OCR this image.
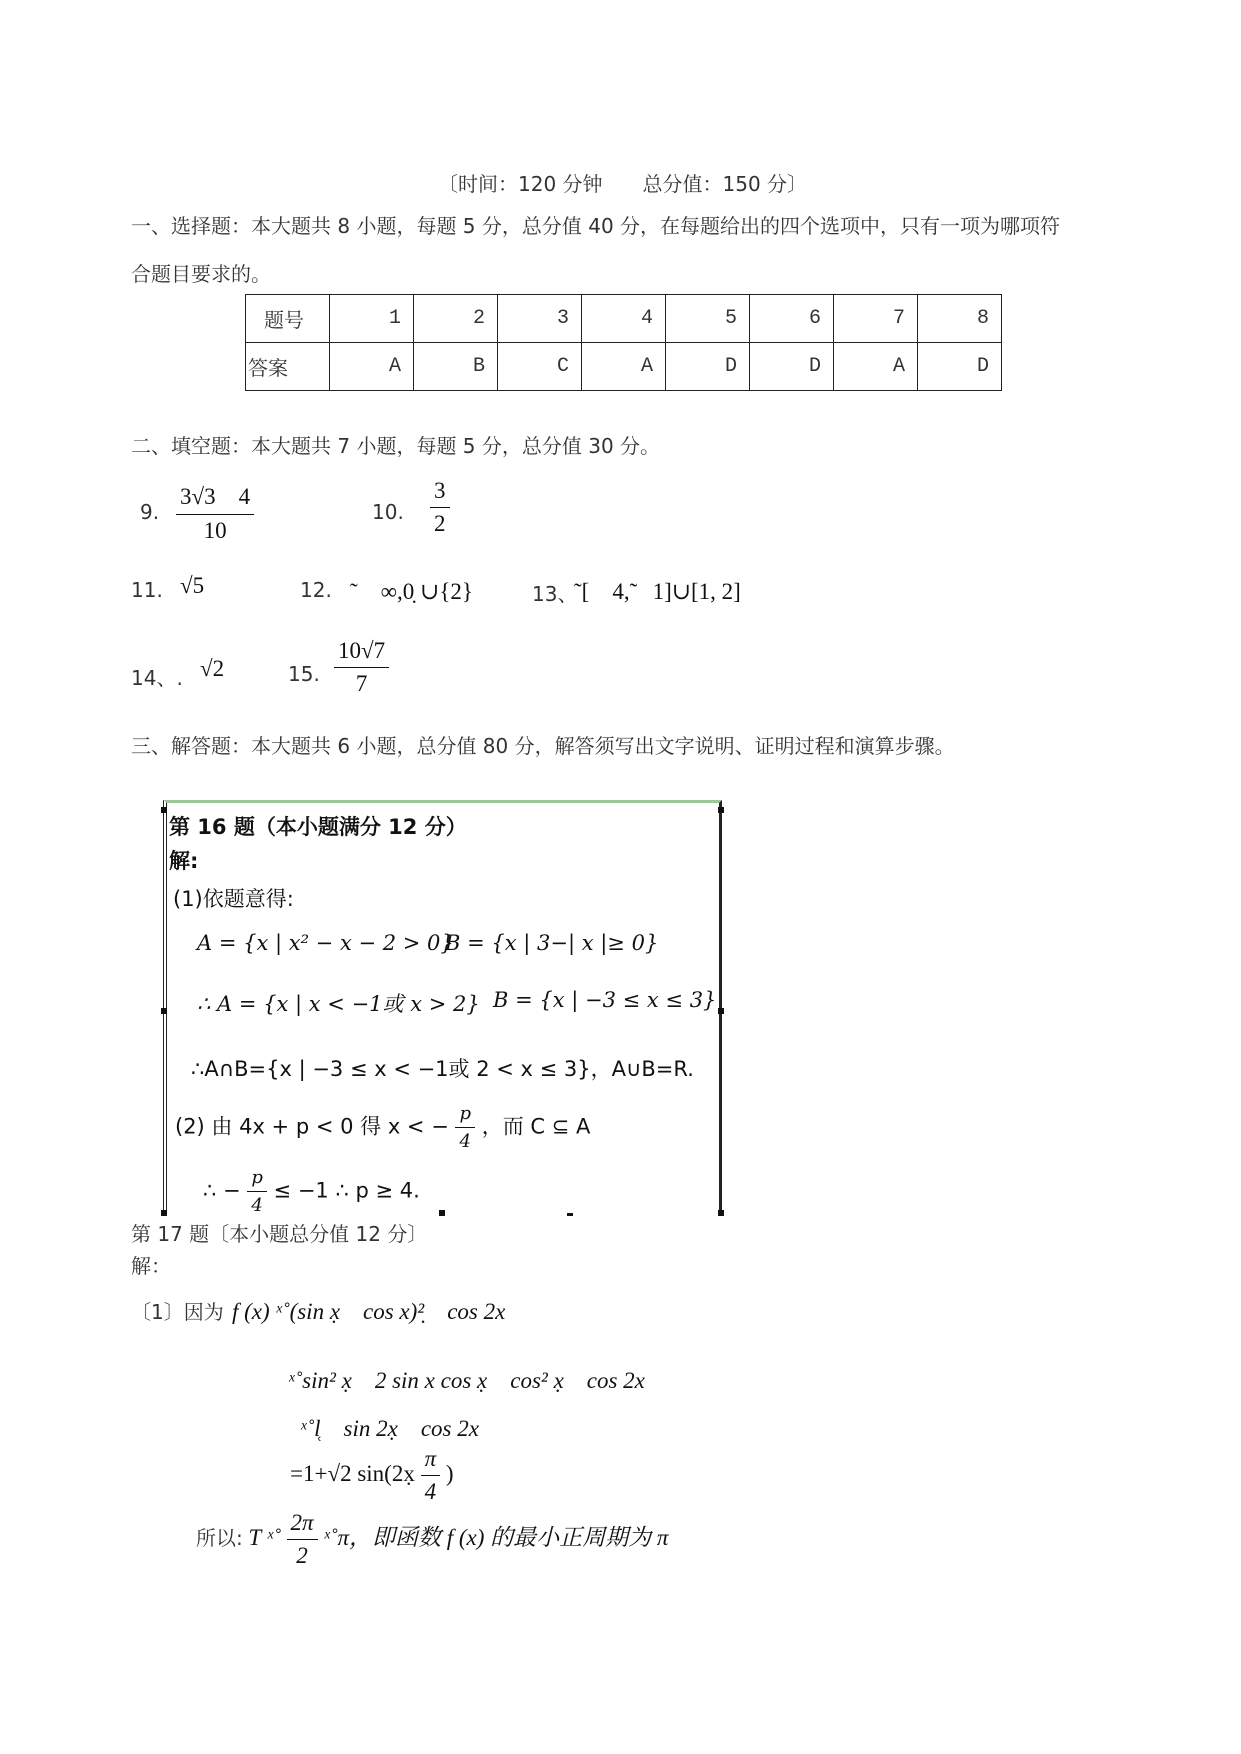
〔时间：120 分钟　　总分值：150 分〕
一、选择题：本大题共 8 小题，每题 5 分，总分值 40 分，在每题给出的四个选项中，只有一项为哪项符
合题目要求的。
题号	1	2	3	4	5	6	7	8
答案	A	B	C	A	D	D	A	D
二、填空题：本大题共 7 小题，每题 5 分，总分值 30 分。
9. $\frac{3√3 4}{10}$	10. $\frac{3}{2}$
11. √5	12. ˜　∞,0̣ ∪{2}	13、
˜[　4,̃　1]∪[1, 2]
14、. √2	15. $\frac{10√7}{7}$
三、解答题：本大题共 6 小题，总分值 80 分，解答须写出文字说明、证明过程和演算步骤。
第 16 题（本小题满分 12 分）
解:
(1)依题意得:
A = {x | x² − x − 2 > 0}
B = {x | 3−| x |≥ 0}
∴ A = {x | x < −1或 x > 2} B = {x | −3 ≤ x ≤ 3}
∴A∩B={x | −3 ≤ x < −1或 2 < x ≤ 3}，A∪B=R.
(2) 由 4x + p < 0 得 x < − $\frac{p}{4}$ ，而 C ⊆ A
∴ − $\frac{p}{4} \le -1$ ∴ p ≥ 4.
第 17 题〔本小题总分值 12 分〕
解：
〔1〕因为 f (x) ˣ˚(sin x̣　cos x)²̣　cos 2x
ˣ˚sin² x̣　2 sin x cos x̣　cos² x̣　cos 2x
ˣ˚l̜　sin 2x̣　cos 2x
=1+√2 sin(2x̣ $\frac{\pi}{4}$ )
所以: T ˣ˚ $\frac{2\pi}{2}$ ˣ˚π，即函数 f (x) 的最小正周期为 π
